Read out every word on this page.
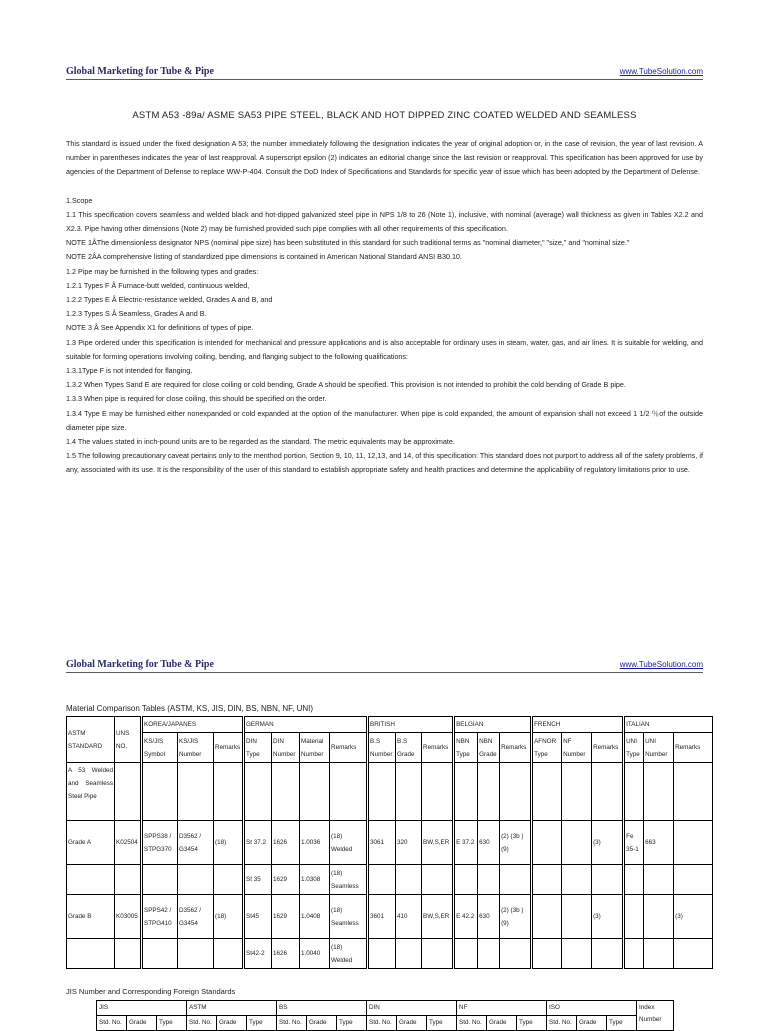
Global Marketing for Tube & Pipe	www.TubeSolution.com
ASTM A53 -89a/ ASME SA53 PIPE STEEL, BLACK AND HOT DIPPED ZINC COATED WELDED AND SEAMLESS

This standard is issued under the fixed designation A 53; the number immediately following the designation indicates the year of original adoption or, in the case of revision, the year of last revision. A number in parentheses indicates the year of last reapproval. A superscript epsilon (2) indicates an editorial change since the last revision or reapproval. This specification has been approved for use by agencies of the Department of Defense to replace WW-P-404. Consult the DoD Index of Specifications and Standards for specific year of issue which has been adopted by the Department of Defense.

1.Scope

1.1 This specification covers seamless and welded black and hot-dipped galvanized steel pipe in NPS 1/8 to 26 (Note 1), inclusive, with nominal (average) wall thickness as given in Tables X2.2 and X2.3. Pipe having other dimensions (Note 2) may be furnished provided such pipe complies with all other requirements of this specification.

NOTE 1ÂThe dimensionless designator NPS (nominal pipe size) has been substituted in this standard for such traditional terms as "nominal diameter," "size," and "nominal size."

NOTE 2ÂA comprehensive listing of standardized pipe dimensions is contained in American National Standard ANSI B30.10.

1.2 Pipe may be furnished in the following types and grades:

1.2.1 Types F Â Furnace-butt welded, continuous welded,

1.2.2 Types E Â Electric-resistance welded, Grades A and B, and

1.2.3 Types S Â Seamless, Grades A and B.

NOTE 3 Â See Appendix X1 for definitions of types of pipe.

1.3 Pipe ordered under this specification is intended for mechanical and pressure applications and is also acceptable for ordinary uses in steam, water, gas, and air lines. It is suitable for welding, and suitable for forming operations involving coiling, bending, and flanging subject to the following qualifications:

1.3.1Type F is not intended for flanging.

1.3.2 When Types Sand E are required for close coiling or cold bending, Grade A should be specified. This provision is not intended to prohibit the cold bending of Grade B pipe.

1.3.3 When pipe is required for close coiling, this should be specified on the order.

1.3.4 Type E may be furnished either nonexpanded or cold expanded at the option of the manufacturer. When pipe is cold expanded, the amount of expansion shall not exceed 1 1/2 ％of the outside diameter pipe size.

1.4 The values stated in inch-pound units are to be regarded as the standard. The metric equivalents may be approximate.

1.5 The following precautionary caveat pertains only to the menthod portion, Section 9, 10, 11, 12,13, and 14, of this specification: This standard does not purport to address all of the safety problems, if any, associated with its use. It is the responsibility of the user of this standard to establish appropriate safety and health practices and determine the applicability of regulatory limitations prior to use.

Global Marketing for Tube & Pipe	www.TubeSolution.com
Material Comparison Tables (ASTM, KS, JIS, DIN, BS, NBN, NF, UNI)
ASTM STANDARD	UNS NO.	KOREA/JAPANES			GERMAN				BRITISH			BELGIAN			FRENCH			ITALIAN		
		KS/JIS Symbol	KS/JIS Number	Remarks	DIN Type	DIN Number	Material Number	Remarks	B.S Number	B.S Grade	Remarks	NBN Type	NBN Grade	Remarks	AFNOR Type	NF Number	Remarks	UNI Type	UNI Number	Remarks
A 53 Welded and Seamless Steel Pipe																				
Grade A	K02504	SPPS38 / STPG370	D3562 / G3454	(18)	St 37.2	1626	1.0036	(18) Welded	3061	320	BW,S,ER	E 37.2	630	(2) (3b )(9)			(3)	Fe 35-1	663	
					St 35	1629	1.0308	(18) Seamless												
Grade B	K03005	SPPS42 / STPG410	D3562 / G3454	(18)	St45	1629	1.0408	(18) Seamless	3601	410	BW,S,ER	E 42.2	630	(2) (3b )(9)			(3)			(3)
					St42-2	1626	1.0040	(18) Welded												
JIS Number and Corresponding Foreign Standards
JIS			ASTM			BS			DIN			NF			ISO			Index Number
Std. No.	Grade	Type	Std. No.	Grade	Type	Std. No.	Grade	Type	Std. No.	Grade	Type	Std. No.	Grade	Type	Std. No.	Grade	Type	
